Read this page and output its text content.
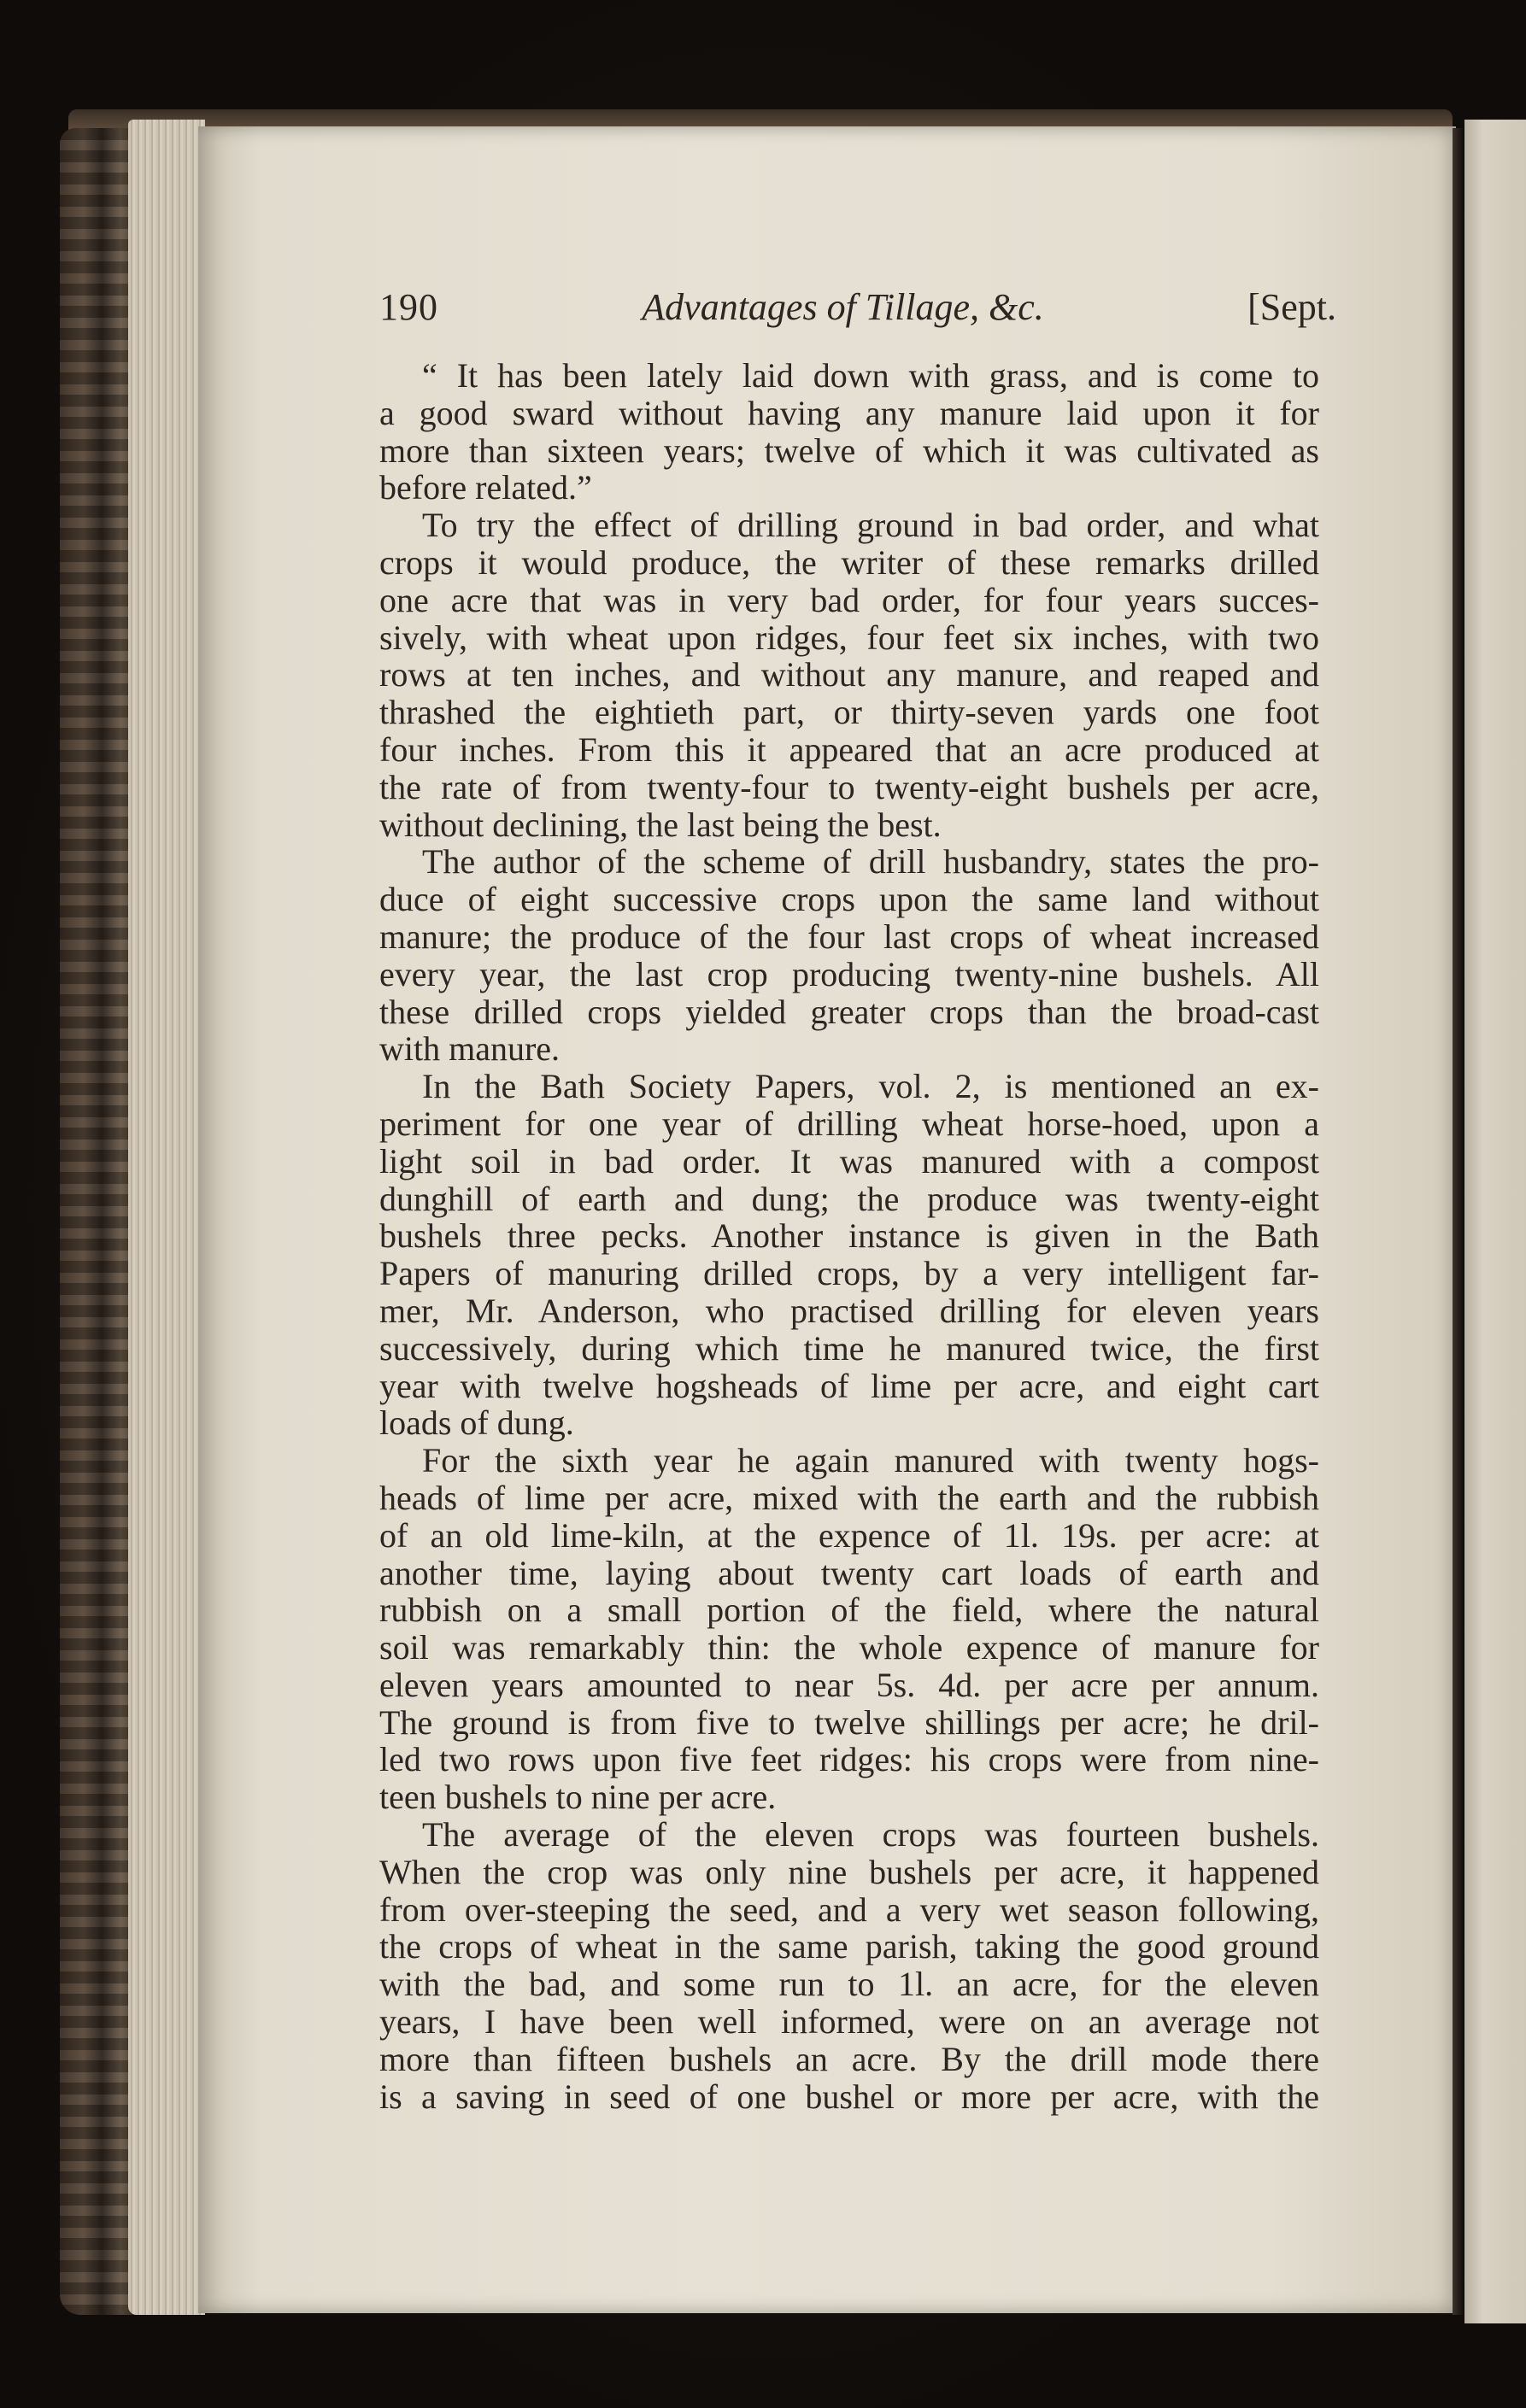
190	Advantages of Tillage, &c.	[Sept.
“ It has been lately laid down with grass, and is come to
a good sward without having any manure laid upon it for
more than sixteen years; twelve of which it was cultivated as
before related.”
To try the effect of drilling ground in bad order, and what
crops it would produce, the writer of these remarks drilled
one acre that was in very bad order, for four years succes-
sively, with wheat upon ridges, four feet six inches, with two
rows at ten inches, and without any manure, and reaped and
thrashed the eightieth part, or thirty-seven yards one foot
four inches. From this it appeared that an acre produced at
the rate of from twenty-four to twenty-eight bushels per acre,
without declining, the last being the best.
The author of the scheme of drill husbandry, states the pro-
duce of eight successive crops upon the same land without
manure; the produce of the four last crops of wheat increased
every year, the last crop producing twenty-nine bushels. All
these drilled crops yielded greater crops than the broad-cast
with manure.
In the Bath Society Papers, vol. 2, is mentioned an ex-
periment for one year of drilling wheat horse-hoed, upon a
light soil in bad order. It was manured with a compost
dunghill of earth and dung; the produce was twenty-eight
bushels three pecks. Another instance is given in the Bath
Papers of manuring drilled crops, by a very intelligent far-
mer, Mr. Anderson, who practised drilling for eleven years
successively, during which time he manured twice, the first
year with twelve hogsheads of lime per acre, and eight cart
loads of dung.
For the sixth year he again manured with twenty hogs-
heads of lime per acre, mixed with the earth and the rubbish
of an old lime-kiln, at the expence of 1l. 19s. per acre: at
another time, laying about twenty cart loads of earth and
rubbish on a small portion of the field, where the natural
soil was remarkably thin: the whole expence of manure for
eleven years amounted to near 5s. 4d. per acre per annum.
The ground is from five to twelve shillings per acre; he dril-
led two rows upon five feet ridges: his crops were from nine-
teen bushels to nine per acre.
The average of the eleven crops was fourteen bushels.
When the crop was only nine bushels per acre, it happened
from over-steeping the seed, and a very wet season following,
the crops of wheat in the same parish, taking the good ground
with the bad, and some run to 1l. an acre, for the eleven
years, I have been well informed, were on an average not
more than fifteen bushels an acre. By the drill mode there
is a saving in seed of one bushel or more per acre, with the
